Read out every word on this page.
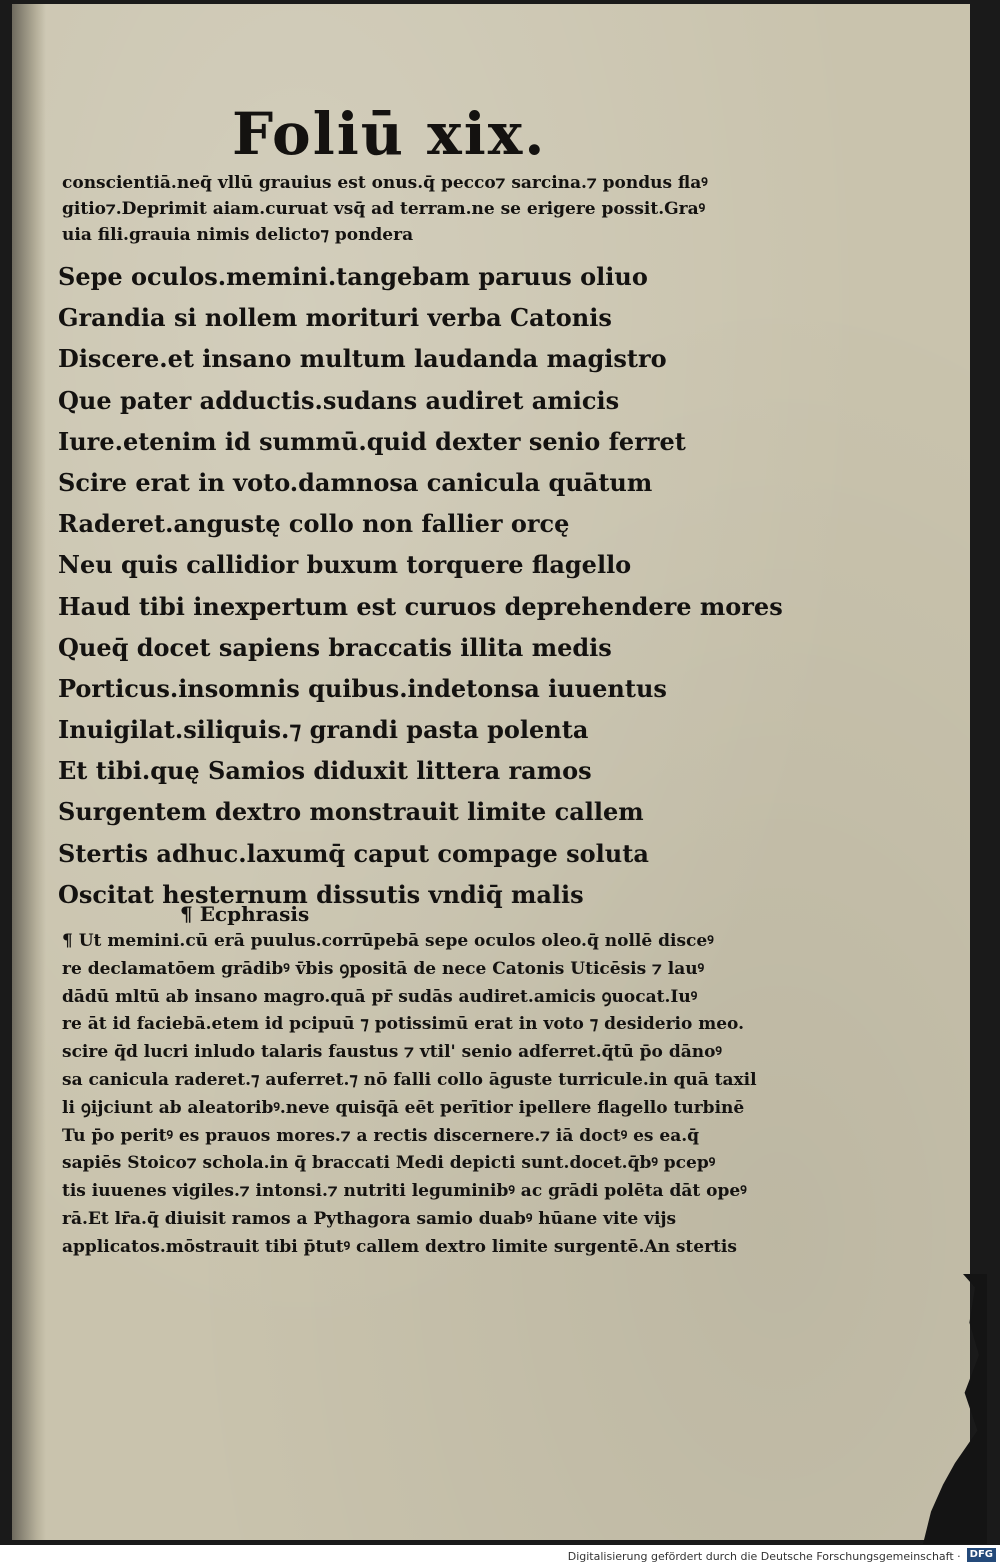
Foliū xix.
conscientiā.neq̄ vllū grauius est onus.q̄ pecco⁊ sarcina.⁊ pondus flaꝰ
gitio⁊.Deprimit aiam.curuat vsq̄ ad terram.ne se erigere possit.Graꝰ
uia fili.grauia nimis delicto⁊ pondera
Sepe oculos.memini.tangebam paruus oliuo
Grandia si nollem morituri verba Catonis
Discere.et insano multum laudanda magistro
Que pater adductis.sudans audiret amicis
Iure.etenim id summū.quid dexter senio ferret
Scire erat in voto.damnosa canicula quātum
Raderet.angustę collo non fallier orcę
Neu quis callidior buxum torquere flagello
Haud tibi inexpertum est curuos deprehendere mores
Queq̄ docet sapiens braccatis illita medis
Porticus.insomnis quibus.indetonsa iuuentus
Inuigilat.siliquis.⁊ grandi pasta polenta
Et tibi.quę Samios diduxit littera ramos
Surgentem dextro monstrauit limite callem
Stertis adhuc.laxumq̄ caput compage soluta
Oscitat hesternum dissutis vndiq̄ malis
¶ Ecphrasis
¶ Ut memini.cū erā puulus.corrūpebā sepe oculos oleo.q̄ nollē disceꝰ
re declamatōem grādibꝰ v̄bis ꝯpositā de nece Catonis Uticēsis ⁊ lauꝰ
dādū mltū ab insano magro.quā pr̄ sudās audiret.amicis ꝯuocat.Iuꝰ
re āt id faciebā.etem id pcipuū ⁊ potissimū erat in voto ⁊ desiderio meo.
scire q̄d lucri inludo talaris faustus ⁊ vtil' senio adferret.q̄tū p̄o dānoꝰ
sa canicula raderet.⁊ auferret.⁊ nō falli collo āguste turricule.in quā taxil
li ꝯijciunt ab aleatoribꝰ.neve quisq̄ā eēt perītior ipellere flagello turbinē
Tu p̄o peritꝰ es prauos mores.⁊ a rectis discernere.⁊ iā doctꝰ es ea.q̄
sapiēs Stoico⁊ schola.in q̄ braccati Medi depicti sunt.docet.q̄bꝰ pcepꝰ
tis iuuenes vigiles.⁊ intonsi.⁊ nutriti leguminibꝰ ac grādi polēta dāt opeꝰ
rā.Et lr̄a.q̄ diuisit ramos a Pythagora samio duabꝰ hūane vite vijs
applicatos.mōstrauit tibi p̄tutꝰ callem dextro limite surgentē.An stertis
Digitalisierung gefördert durch die Deutsche Forschungsgemeinschaft · DFG
